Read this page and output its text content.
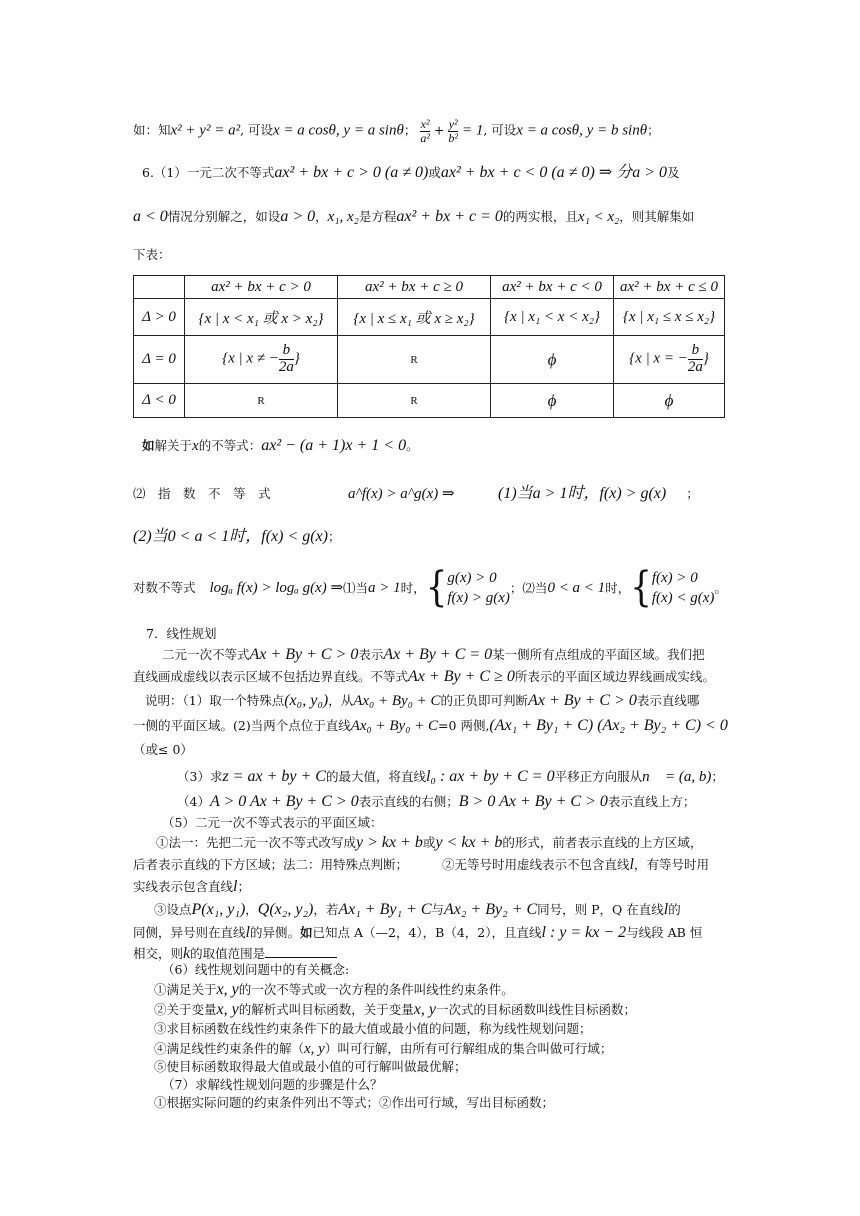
如：知x² + y² = a², 可设x = a cosθ, y = a sinθ； $\frac{\text{x²}}{\text{a²}} + \frac{\text{y²}}{\text{b²}} = 1$, 可设x = a cosθ, y = b sinθ；
6.（1）一元二次不等式ax² + bx + c > 0 (a ≠ 0)或ax² + bx + c < 0 (a ≠ 0) ⇒ 分a > 0及
a < 0情况分别解之，如设a > 0，x₁, x₂是方程ax² + bx + c = 0的两实根，且x₁ < x₂，则其解集如
下表：
	ax² + bx + c > 0	ax² + bx + c ≥ 0	ax² + bx + c < 0	ax² + bx + c ≤ 0
Δ > 0	{x | x < x₁ 或 x > x₂}	{x | x ≤ x₁ 或 x ≥ x₂}	{x | x₁ < x < x₂}	{x | x₁ ≤ x ≤ x₂}
Δ = 0	{x | x ≠ − $\frac{b}{2a}$ }	R	ϕ	{x | x = − $\frac{b}{2a}$ }
Δ < 0	R	R	ϕ	ϕ
如解关于x的不等式：ax² − (a + 1)x + 1 < 0。
⑵　指　数　不　等　式	a^f(x) > a^g(x) ⇒	(1)当a > 1时，f(x) > g(x) ；
(2)当0 < a < 1时，f(x) < g(x)；
对数不等式 logₐ f(x) > logₐ g(x) ⇒⑴当a > 1时，{ g(x) > 0
f(x) > g(x)
；⑵当0 < a < 1时，{ f(x) > 0
f(x) < g(x)
。
7．线性规划
二元一次不等式Ax + By + C > 0表示Ax + By + C = 0某一侧所有点组成的平面区域。我们把
直线画成虚线以表示区域不包括边界直线。不等式Ax + By + C ≥ 0所表示的平面区域边界线画成实线。
说明：（1）取一个特殊点(x₀, y₀)，从Ax₀ + By₀ + C的正负即可判断Ax + By + C > 0表示直线哪
一侧的平面区域。(2)当两个点位于直线Ax₀ + By₀ + C=0 两侧,(Ax₁ + By₁ + C) (Ax₂ + By₂ + C) < 0
（或≤ 0）
（3）求z = ax + by + C的最大值，将直线l₀ : ax + by + C = 0平移正方向服从n⃗ = (a, b)；
（4）A > 0 Ax + By + C > 0表示直线的右侧；B > 0 Ax + By + C > 0表示直线上方；
（5）二元一次不等式表示的平面区域：
①法一：先把二元一次不等式改写成y > kx + b或y < kx + b的形式，前者表示直线的上方区域，
后者表示直线的下方区域；法二：用特殊点判断；	②无等号时用虚线表示不包含直线l，有等号时用
实线表示包含直线l；
③设点P(x₁, y₁)，Q(x₂, y₂)，若Ax₁ + By₁ + C与Ax₂ + By₂ + C同号，则 P，Q 在直线l的
同侧，异号则在直线l的异侧。如已知点 A（—2，4），B（4，2），且直线l : y = kx − 2与线段 AB 恒
相交，则k的取值范围是
（6）线性规划问题中的有关概念:
①满足关于x, y的一次不等式或一次方程的条件叫线性约束条件。
②关于变量x, y的解析式叫目标函数，关于变量x, y一次式的目标函数叫线性目标函数；
③求目标函数在线性约束条件下的最大值或最小值的问题，称为线性规划问题；
④满足线性约束条件的解（x, y）叫可行解，由所有可行解组成的集合叫做可行域；
⑤使目标函数取得最大值或最小值的可行解叫做最优解；
（7）求解线性规划问题的步骤是什么？
①根据实际问题的约束条件列出不等式；②作出可行域，写出目标函数；
